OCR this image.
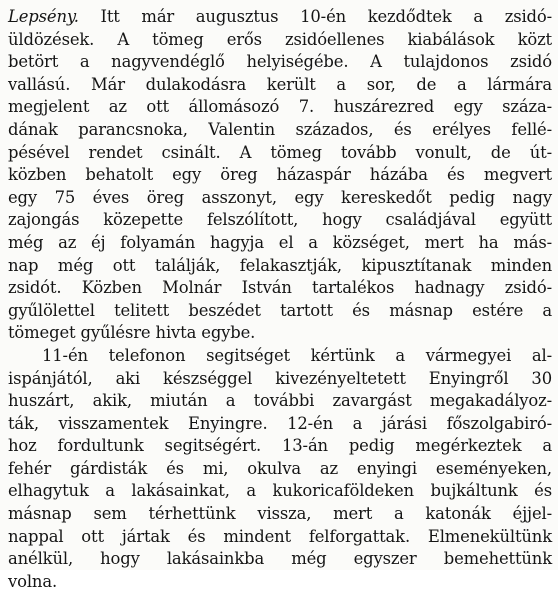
Lepsény. Itt már augusztus 10-én kezdődtek a zsidó-
üldözések. A tömeg erős zsidóellenes kiabálások közt
betört a nagyvendéglő helyiségébe. A tulajdonos zsidó
vallású. Már dulakodásra került a sor, de a lármára
megjelent az ott állomásozó 7. huszárezred egy száza-
dának parancsnoka, Valentin százados, és erélyes fellé-
pésével rendet csinált. A tömeg tovább vonult, de út-
közben behatolt egy öreg házaspár házába és megvert
egy 75 éves öreg asszonyt, egy kereskedőt pedig nagy
zajongás közepette felszólított, hogy családjával együtt
még az éj folyamán hagyja el a községet, mert ha más-
nap még ott találják, felakasztják, kipusztítanak minden
zsidót. Közben Molnár István tartalékos hadnagy zsidó-
gyűlölettel telitett beszédet tartott és másnap estére a
tömeget gyűlésre hivta egybe.
11-én telefonon segitséget kértünk a vármegyei al-
ispánjától, aki készséggel kivezényeltetett Enyingről 30
huszárt, akik, miután a további zavargást megakadályoz-
ták, visszamentek Enyingre. 12-én a járási főszolgabiró-
hoz fordultunk segitségért. 13-án pedig megérkeztek a
fehér gárdisták és mi, okulva az enyingi eseményeken,
elhagytuk a lakásainkat, a kukoricaföldeken bujkáltunk és
másnap sem térhettünk vissza, mert a katonák éjjel-
nappal ott jártak és mindent felforgattak. Elmenekültünk
anélkül, hogy lakásainkba még egyszer bemehettünk
volna.
